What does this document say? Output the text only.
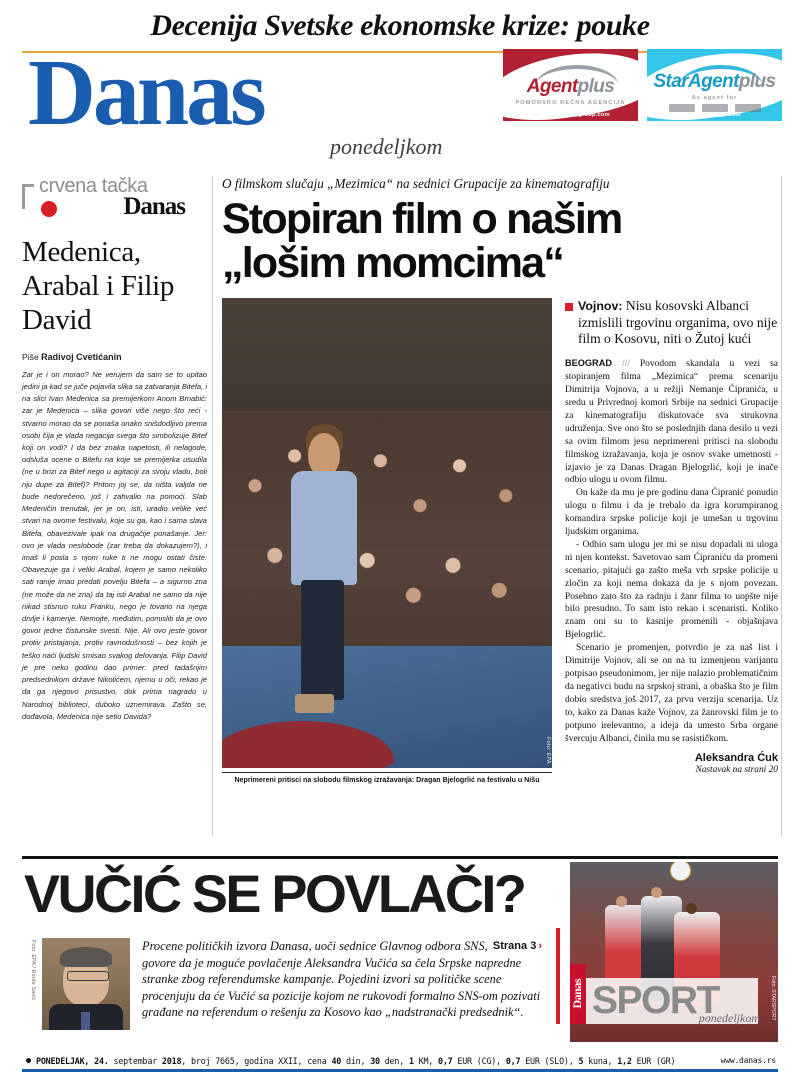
Decenija Svetske ekonomske krize: pouke
Danas
ponedeljkom
Agentplus
POMORSKO REČNA AGENCIJA
www.agentplus-group.com
StarAgentplus
As agent for
www.staragp.com
crvena tačka
Danas
Medenica, Arabal i Filip David
Piše Radivoj Cvetićanin
Zar je i on morao? Ne verujem da sam se to upitao jedini ja kad se juče pojavila slika sa zatvaranja Bitefa, i na slici Ivan Medenica sa premijerkom Anom Brnabić: zar je Medenica – slika govori više nego što reći - stvarno morao da se ponaša onako snišdodljivo prema osobi čija je vlada negacija svega što simbolizuje Bitef koji on vodi? I da bez znaka napetosti, ili nelagode, odsluša ocene o Bitefu na koje se premijerka usudila (ne u brizi za Bitef nego u agitaciji za svoju vladu, boli nju dupe za Bitef)? Pritom joj se, da ništa valjda ne bude nedorečeno, još i zahvalio na pomoći. Slab Medeničin trenutak, jer je on, isti, uradio velike već stvari na ovome festivalu, koje su ga, kao i sama slava Bitefa, obavezivale ipak na drugačije ponašanje. Jer: ovo je vlada neslobode (zar treba da dokazujem?), i imaš li posla s njom ruke ti ne mogu ostati čiste. Obavezuje ga i veliki Arabal, kojem je samo nekoliko sati ranije imao predati povelju Bitefa – a sigurno zna (ne može da ne zna) da taj isti Arabal ne samo da nije nikad stisnuo ruku Franku, nego je tovario na njega drvlje i kamenje. Nemojte, međutim, pomisliti da je ovo govor jedne čistunske svesti. Nije. Ali ovo jeste govor protiv pristajanja, protiv ravnodušnosti – bez kojih je teško naći ljudski smisao svakog delovanja. Filip David je pre neku godinu dao primer: pred tadašnjim predsednikom države Nikolićem, njemu u oči, rekao je da ga njegovo prisustvo, dok prima nagradu u Narodnoj biblioteci, duboko uznemirava. Zašto se, dođavola, Medenica nije setio Davida?
O filmskom slučaju „Mezimica“ na sednici Grupacije za kinematografiju
Stopiran film o našim
„lošim momcima“
Foto: EPA
Neprimereni pritisci na slobodu filmskog izražavanja: Dragan Bjelogrlić na festivalu u Nišu
Vojnov: Nisu kosovski Albanci izmislili trgovinu organima, ovo nije film o Kosovu, niti o Žutoj kući

BEOGRAD /// Povodom skandala u vezi sa stopiranjem filma „Mezimica“ prema scenariju Dimitrija Vojnova, a u režiji Nemanje Ćipranića, u sredu u Privrednoj komori Srbije na sednici Grupacije za kinematografiju diskutovaće sva strukovna udruženja. Sve ono što se poslednjih dana desilo u vezi sa ovim filmom jesu neprimereni pritisci na slobodu filmskog izražavanja, koja je osnov svake umetnosti - izjavio je za Danas Dragan Bjelogrlić, koji je inače odbio ulogu u ovom filmu.

On kaže da mu je pre godinu dana Ćipranić ponudio ulogu u filmu i da je trebalo da igra korumpiranog komandira srpske policije koji je umešan u trgovinu ljudskim organima.

- Odbio sam ulogu jer mi se nisu dopadali ni uloga ni njen kontekst. Savetovao sam Ćipraniću da promeni scenario, pitajući ga zašto meša vrh srpske policije u zločin za koji nema dokaza da je s njom povezan. Posebno zato što za radnju i žanr filma to uopšte nije bilo presudno. To sam isto rekao i scenaristi. Koliko znam oni su to kasnije promenili - objašnjava Bjelogrlić.

Scenario je promenjen, potvrdio je za naš list i Dimitrije Vojnov, ali se on na tu izmenjenu varijantu potpisao pseudonimom, jer nije nalazio problematičnim da negativci budu na srpskoj strani, a obaška što je film dobio sredstva još 2017, za prvu verziju scenarija. Uz to, kako za Danas kaže Vojnov, za žanrovski film je to potpuno irelevantno, a ideja da umesto Srba organe švercuju Albanci, činila mu se rasističkom.

Aleksandra Ćuk
Nastavak na strani 20
VUČIĆ SE POVLAČI?
Foto: EPA / Đorđe Savić	Strana 3 ›
Procene političkih izvora Danasa, uoči sednice Glavnog odbora SNS, govore da je moguće povlačenje Aleksandra Vučića sa čela Srpske napredne stranke zbog referendumske kampanje. Pojedini izvori sa političke scene procenjuju da će Vučić sa pozicije kojom ne rukovodi formalno SNS-om pozivati građane na referendum o rešenju za Kosovo kao „nadstranački predsednik“.	SPORT
ponedeljkom
Danas	Foto: STARSPORT
PONEDELJAK, 24. septembar 2018, broj 7665, godina XXII, cena 40 din, 30 den, 1 KM, 0,7 EUR (CG), 0,7 EUR (SLO), 5 kuna, 1,2 EUR (GR)	www.danas.rs
